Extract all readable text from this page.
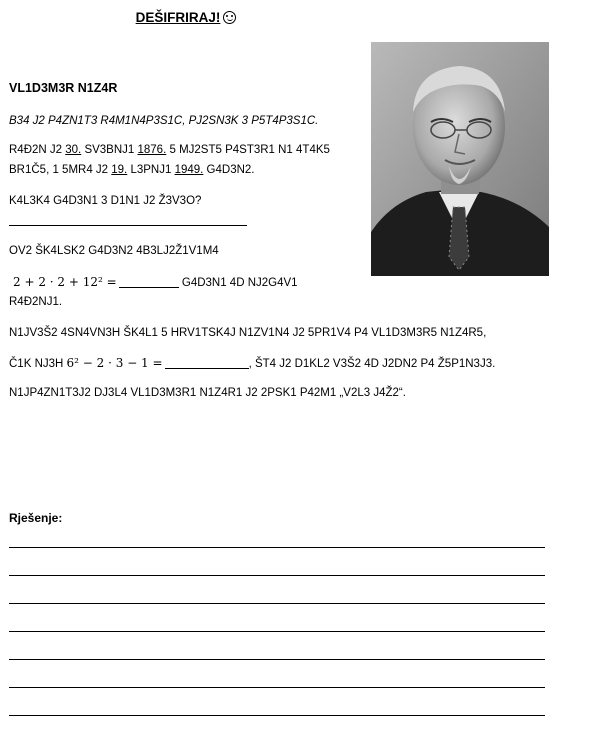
DEŠIFRIRAJ!
VL1D3M3R N1Z4R
B34 J2 P4ZN1T3 R4M1N4P3S1C, PJ2SN3K 3 P5T4P3S1C.
R4Đ2N J2 30. SV3BNJ1 1876. 5 MJ2ST5 P4ST3R1 N1 4T4K5
BR1Č5, 1 5MR4 J2 19. L3PNJ1 1949. G4D3N2.
K4L3K4 G4D3N1 3 D1N1 J2 Ž3V3O?
OV2 ŠK4LSK2 G4D3N2 4B3LJ2Ž1V1M4
2 + 2 · 2 + 12² =	G4D3N1 4D NJ2G4V1
R4Đ2NJ1.
N1JV3Š2 4SN4VN3H ŠK4L1 5 HRV1TSK4J N1ZV1N4 J2 5PR1V4 P4 VL1D3M3R5 N1Z4R5,
Č1K NJ3H 6² − 2 · 3 − 1 =	, ŠT4 J2 D1KL2 V3Š2 4D J2DN2 P4 Ž5P1N3J3.
N1JP4ZN1T3J2 DJ3L4 VL1D3M3R1 N1Z4R1 J2 2PSK1 P42M1 „V2L3 J4Ž2“.
Rješenje:
